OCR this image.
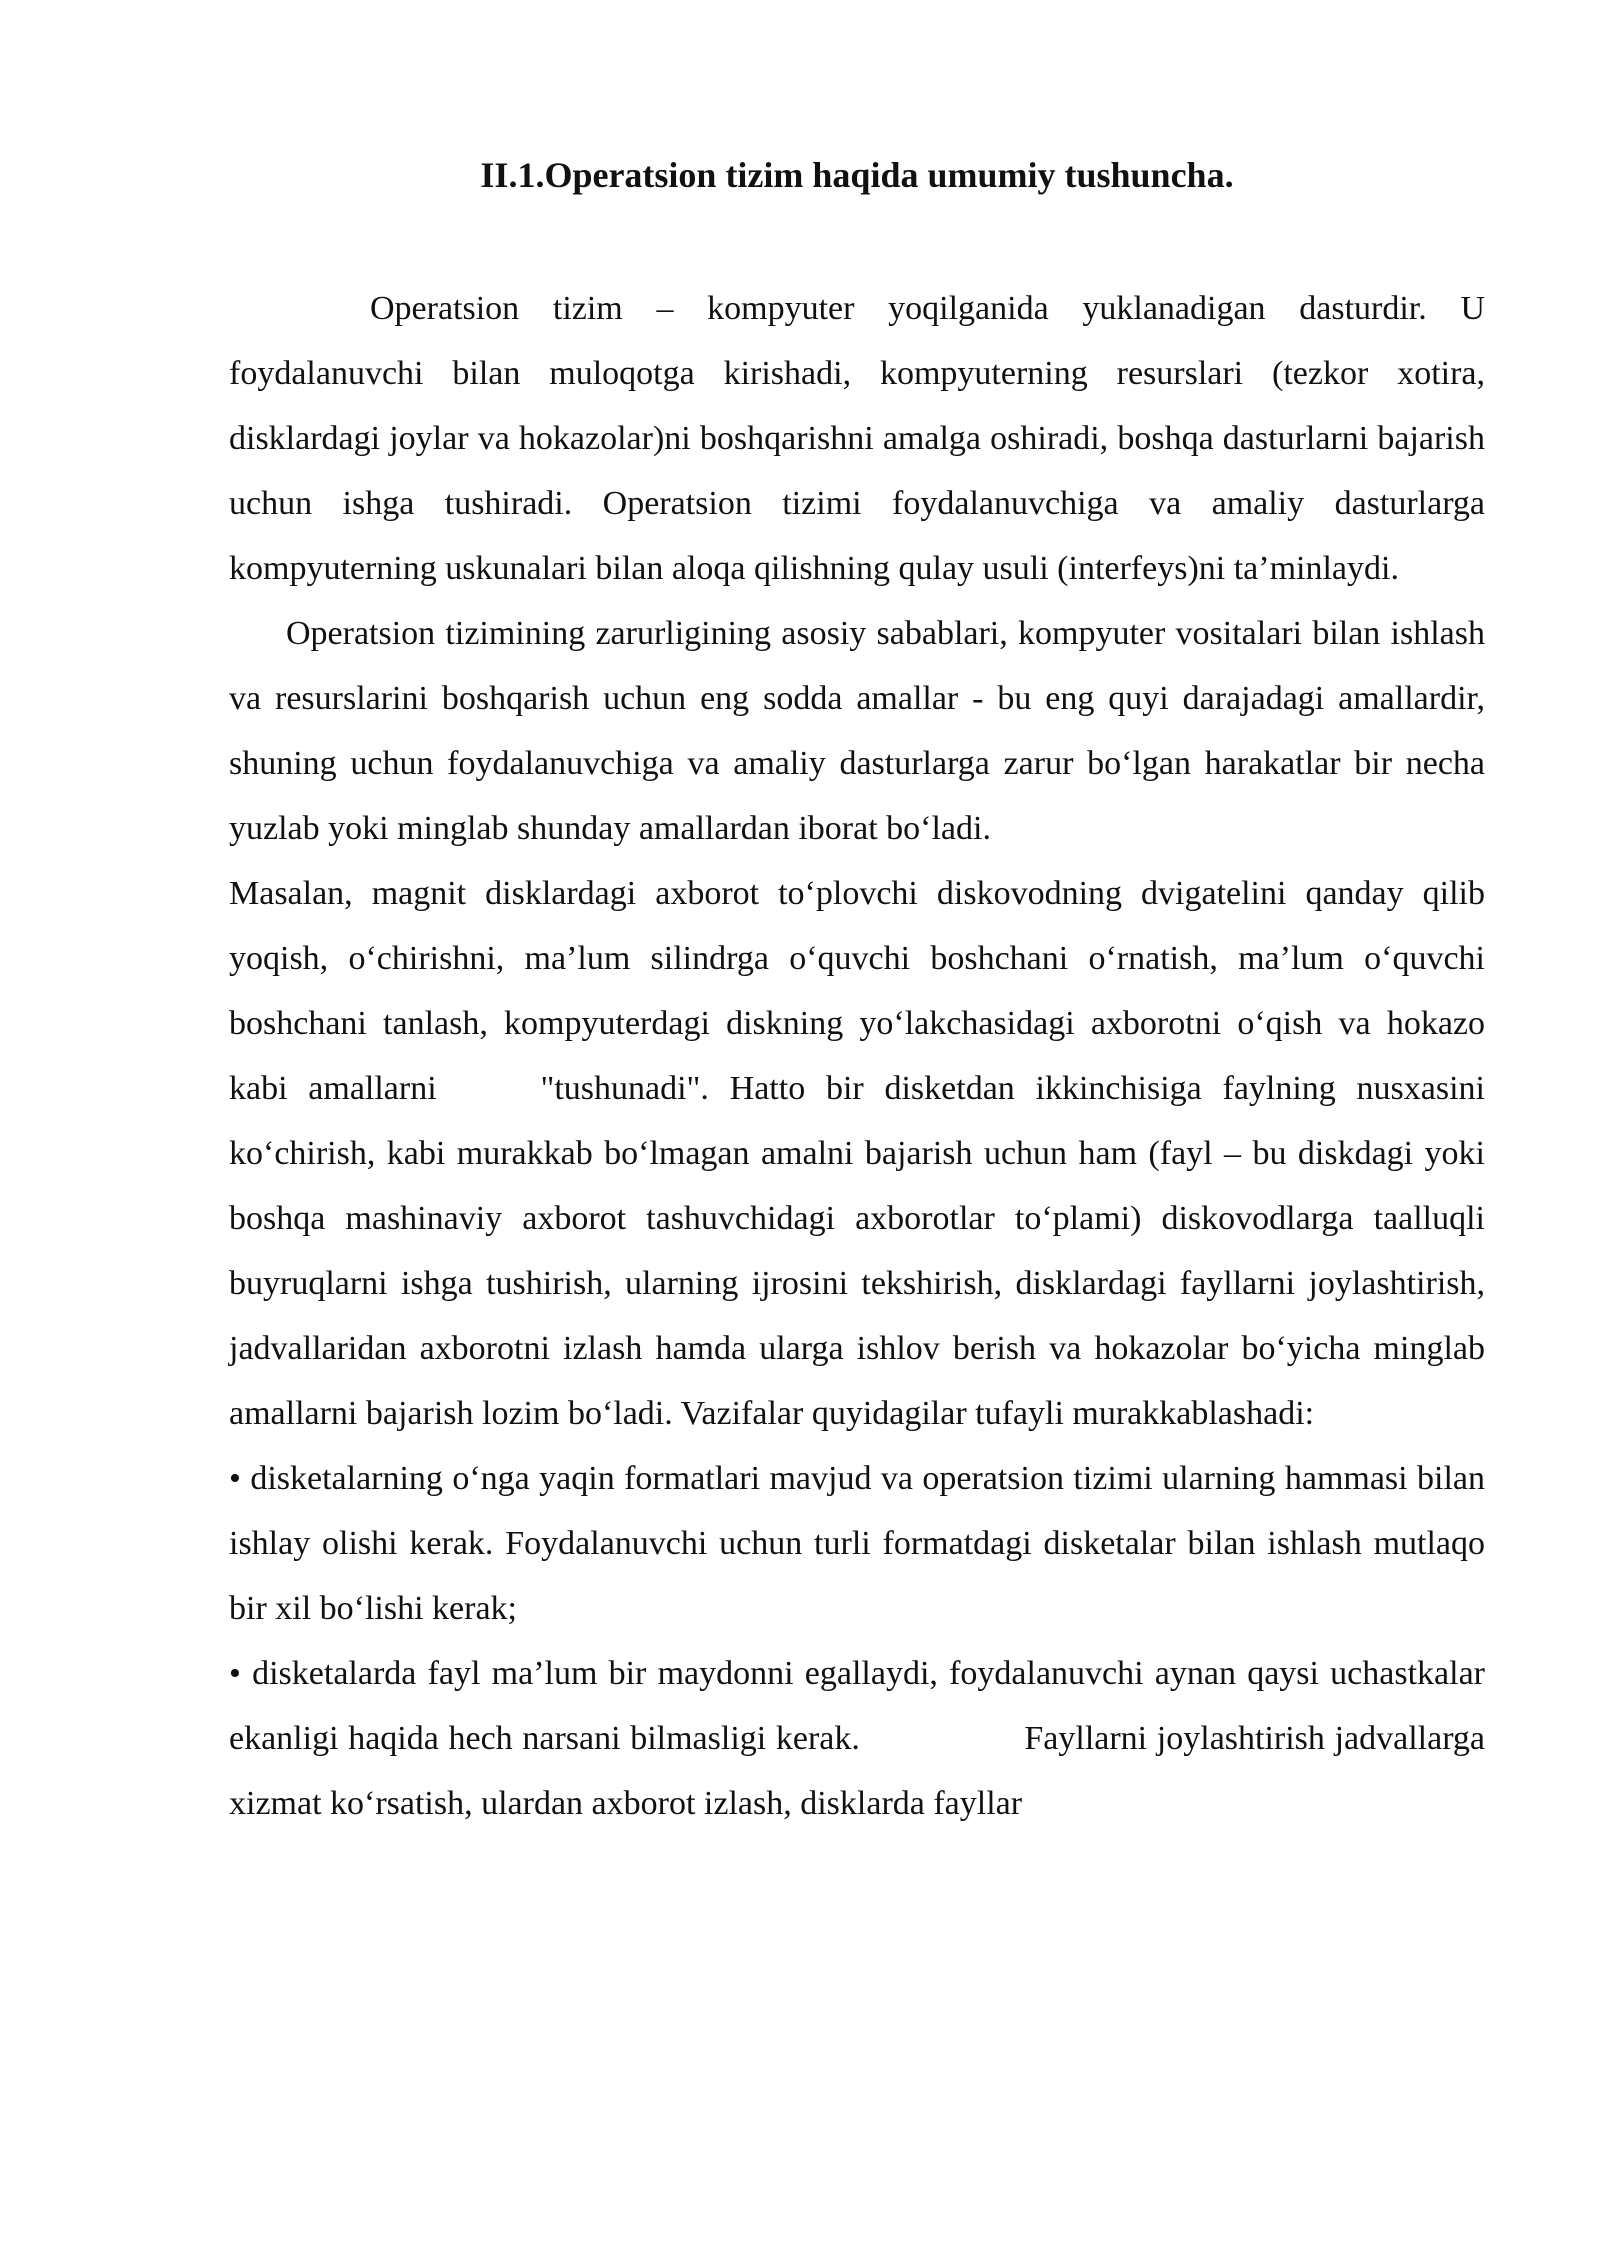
II.1.Operatsion tizim haqida umumiy tushuncha.

Operatsion tizim – kompyuter yoqilganida yuklanadigan dasturdir. U foydalanuvchi bilan muloqotga kirishadi, kompyuterning resurslari (tezkor xotira, disklardagi joylar va hokazolar)ni boshqarishni amalga oshiradi, boshqa dasturlarni bajarish uchun ishga tushiradi. Operatsion tizimi foydalanuvchiga va amaliy dasturlarga kompyuterning uskunalari bilan aloqa qilishning qulay usuli (interfeys)ni ta’minlaydi.

Operatsion tizimining zarurligining asosiy sabablari, kompyuter vositalari bilan ishlash va resurslarini boshqarish uchun eng sodda amallar - bu eng quyi darajadagi amallardir, shuning uchun foydalanuvchiga va amaliy dasturlarga zarur bo‘lgan harakatlar bir necha yuzlab yoki minglab shunday amallardan iborat bo‘ladi.

Masalan, magnit disklardagi axborot to‘plovchi diskovodning dvigatelini qanday qilib yoqish, o‘chirishni, ma’lum silindrga o‘quvchi boshchani o‘rnatish, ma’lum o‘quvchi boshchani tanlash, kompyuterdagi diskning yo‘lakchasidagi axborotni o‘qish va hokazo kabi amallarni     "tushunadi". Hatto bir disketdan ikkinchisiga faylning nusxasini ko‘chirish, kabi murakkab bo‘lmagan amalni bajarish uchun ham (fayl – bu diskdagi yoki boshqa mashinaviy axborot tashuvchidagi axborotlar to‘plami) diskovodlarga taalluqli buyruqlarni ishga tushirish, ularning ijrosini tekshirish, disklardagi fayllarni joylashtirish, jadvallaridan axborotni izlash hamda ularga ishlov berish va hokazolar bo‘yicha minglab amallarni bajarish lozim bo‘ladi. Vazifalar quyidagilar tufayli murakkablashadi:

• disketalarning o‘nga yaqin formatlari mavjud va operatsion tizimi ularning hammasi bilan ishlay olishi kerak. Foydalanuvchi uchun turli formatdagi disketalar bilan ishlash mutlaqo bir xil bo‘lishi kerak;

• disketalarda fayl ma’lum bir maydonni egallaydi, foydalanuvchi aynan qaysi uchastkalar ekanligi haqida hech narsani bilmasligi kerak.                 Fayllarni joylashtirish jadvallarga xizmat ko‘rsatish, ulardan axborot izlash, disklarda fayllar
